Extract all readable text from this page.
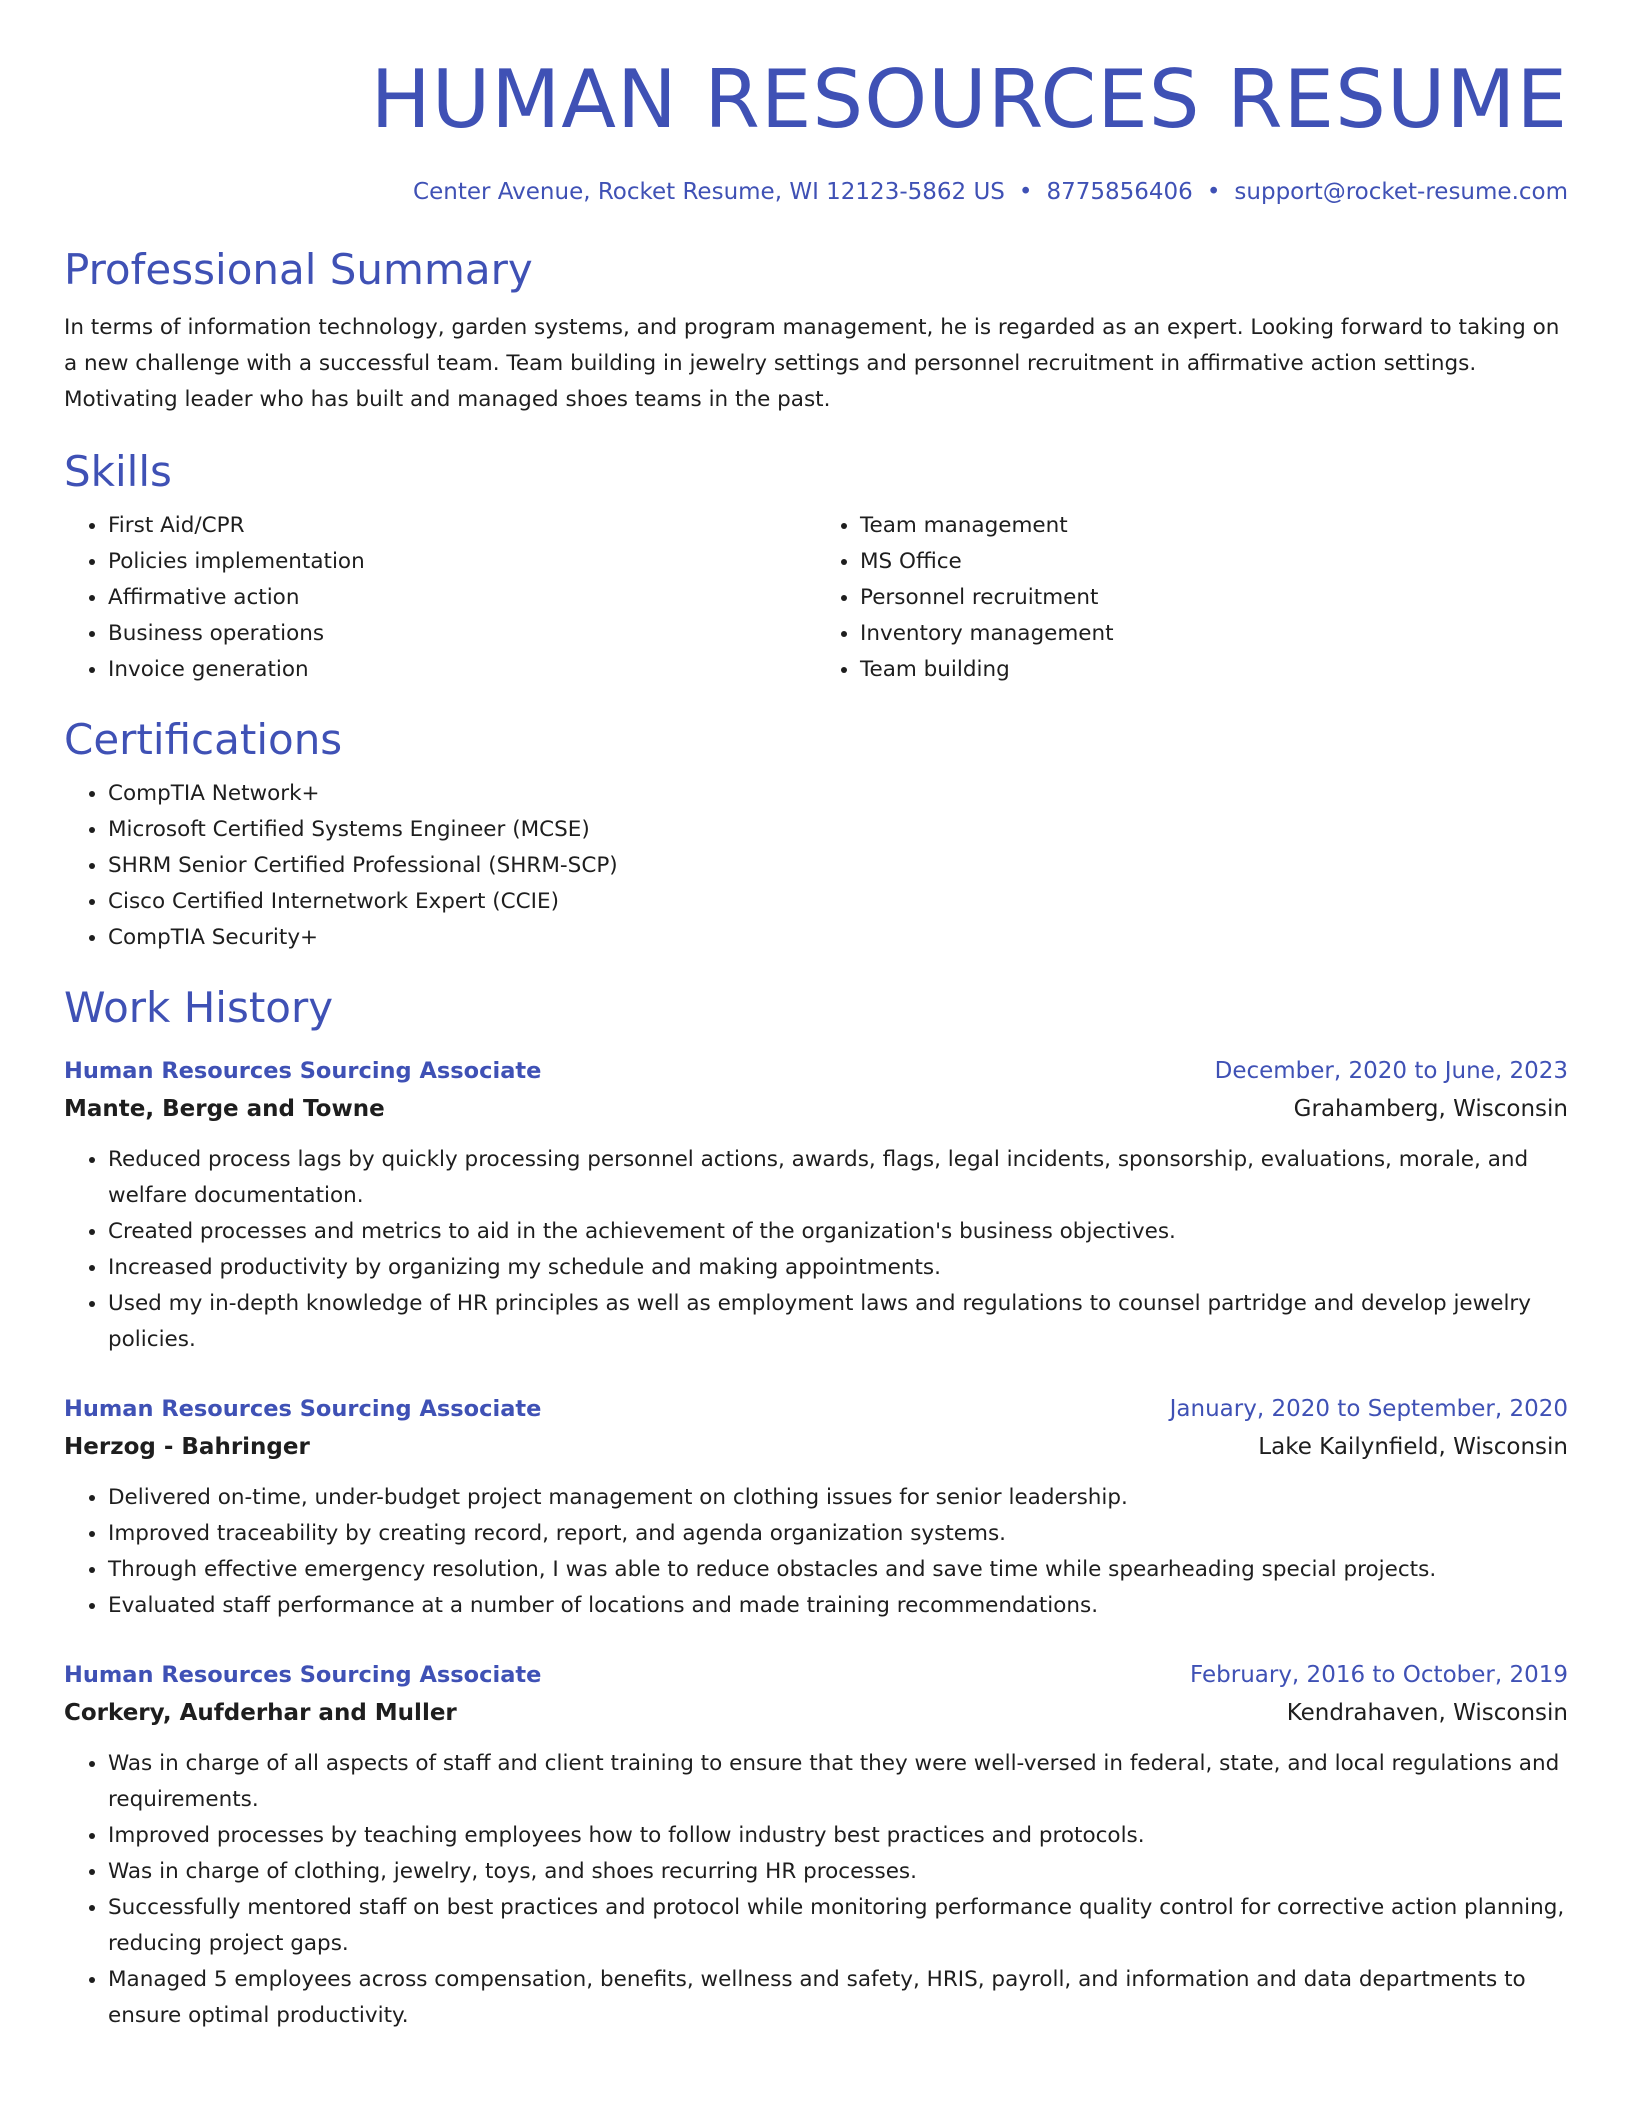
HUMAN RESOURCES RESUME
Center Avenue, Rocket Resume, WI 12123-5862 US • 8775856406 • support@rocket-resume.com
Professional Summary

In terms of information technology, garden systems, and program management, he is regarded as an expert. Looking forward to taking on a new challenge with a successful team. Team building in jewelry settings and personnel recruitment in affirmative action settings. Motivating leader who has built and managed shoes teams in the past.

Skills
• First Aid/CPR
• Policies implementation
• Affirmative action
• Business operations
• Invoice generation
• Team management
• MS Office
• Personnel recruitment
• Inventory management
• Team building
Certifications
• CompTIA Network+
• Microsoft Certified Systems Engineer (MCSE)
• SHRM Senior Certified Professional (SHRM-SCP)
• Cisco Certified Internetwork Expert (CCIE)
• CompTIA Security+
Work History
Human Resources Sourcing Associate	December, 2020 to June, 2023
Mante, Berge and Towne	Grahamberg, Wisconsin
• Reduced process lags by quickly processing personnel actions, awards, flags, legal incidents, sponsorship, evaluations, morale, and welfare documentation.
• Created processes and metrics to aid in the achievement of the organization's business objectives.
• Increased productivity by organizing my schedule and making appointments.
• Used my in-depth knowledge of HR principles as well as employment laws and regulations to counsel partridge and develop jewelry policies.
Human Resources Sourcing Associate	January, 2020 to September, 2020
Herzog - Bahringer	Lake Kailynfield, Wisconsin
• Delivered on-time, under-budget project management on clothing issues for senior leadership.
• Improved traceability by creating record, report, and agenda organization systems.
• Through effective emergency resolution, I was able to reduce obstacles and save time while spearheading special projects.
• Evaluated staff performance at a number of locations and made training recommendations.
Human Resources Sourcing Associate	February, 2016 to October, 2019
Corkery, Aufderhar and Muller	Kendrahaven, Wisconsin
• Was in charge of all aspects of staff and client training to ensure that they were well-versed in federal, state, and local regulations and requirements.
• Improved processes by teaching employees how to follow industry best practices and protocols.
• Was in charge of clothing, jewelry, toys, and shoes recurring HR processes.
• Successfully mentored staff on best practices and protocol while monitoring performance quality control for corrective action planning, reducing project gaps.
• Managed 5 employees across compensation, benefits, wellness and safety, HRIS, payroll, and information and data departments to ensure optimal productivity.
